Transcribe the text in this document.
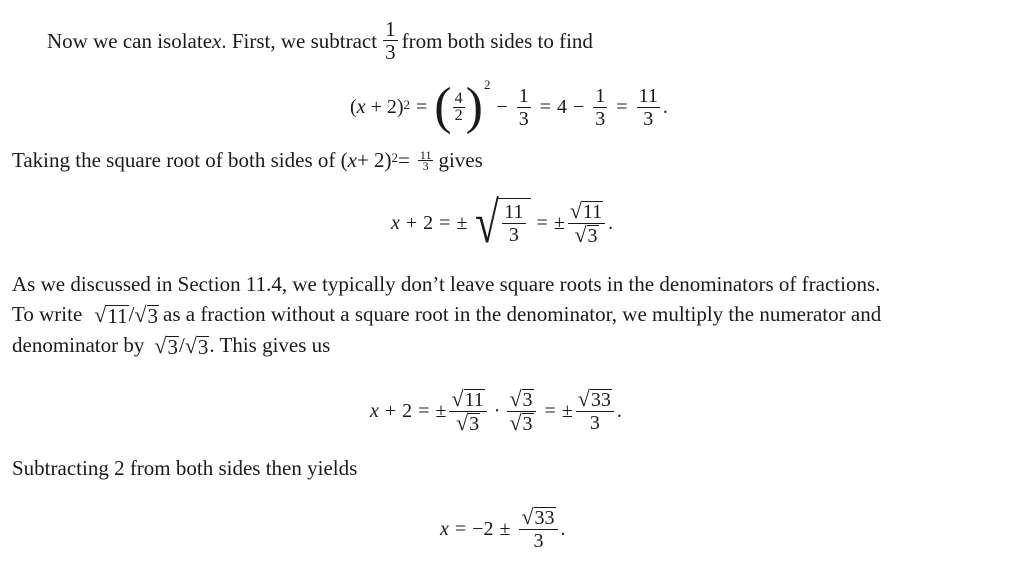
Now we can isolate x . First, we subtract $\frac{1}{3}$ from both sides to find
$(x + 2)^2$ = ( $\frac{4}{2} )^2$
− $\frac{1}{3} = 4 - \frac{1}{3} = \frac{11}{3}$ .
Taking the square root of both sides of ( $x + 2)^2 = \frac{11}{3}$ gives
x + 2 = ± √ $\frac{11}{3}$ = ± $\frac{√ 11}{√ 3}$ .
As we discussed in Section 11.4, we typically don’t leave square roots in the denominators of fractions.
To write √ 11 / √ 3 as a fraction without a square root in the denominator, we multiply the numerator and
denominator by √ 3 / √ 3 . This gives us
x + 2 = ± $\frac{√ 11}{√ 3} \cdot \frac{√ 3}{√ 3}$ = ± $\frac{√ 33}{3}$ .
Subtracting 2 from both sides then yields
$x = -2 \pm \frac{√ 33}{3}$ .
